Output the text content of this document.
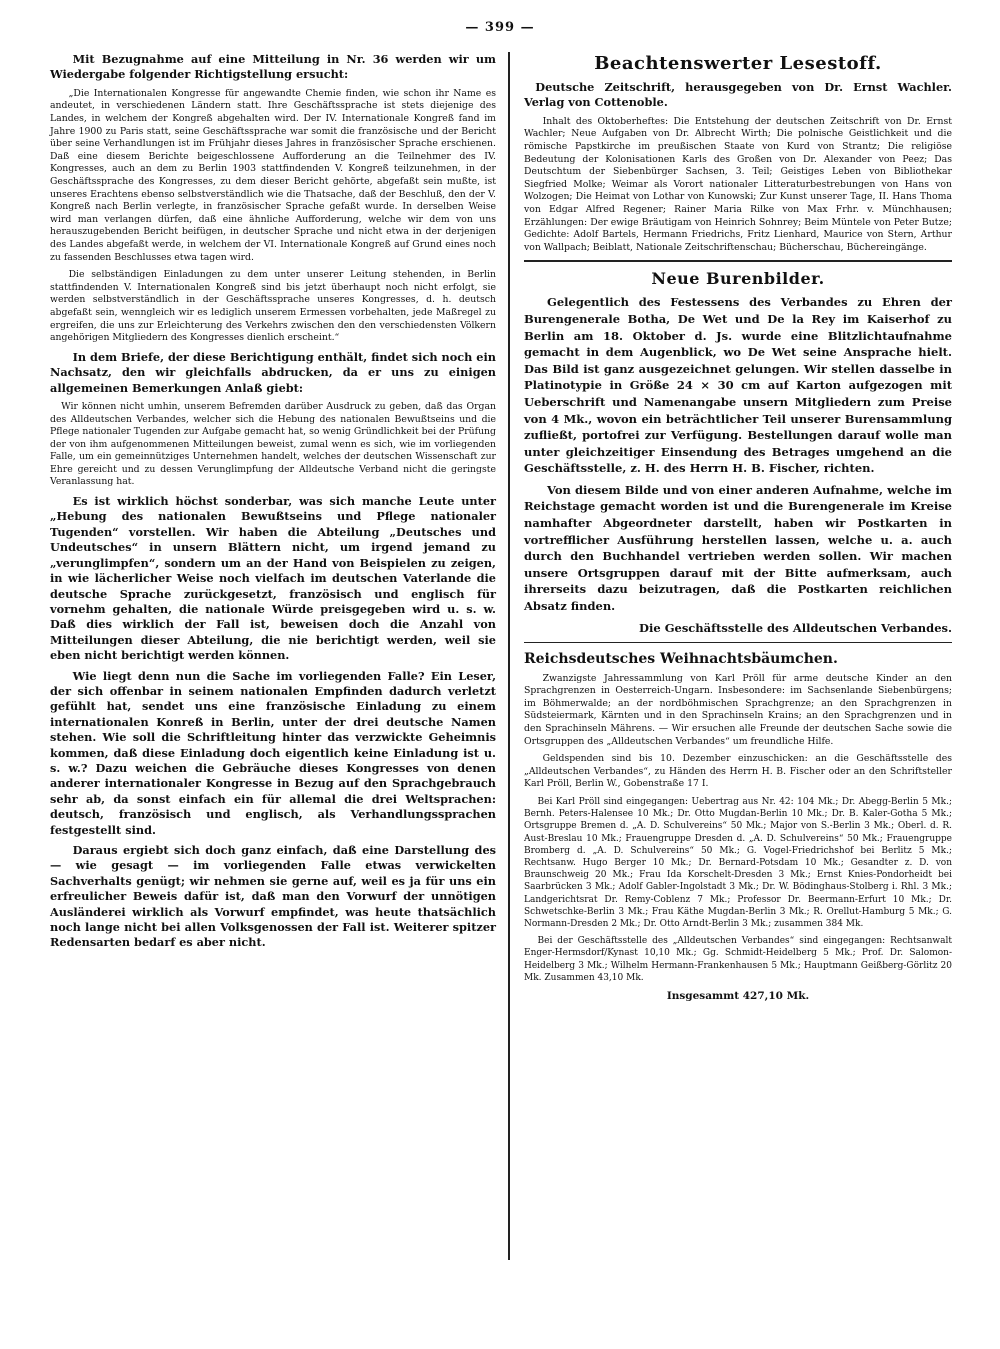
— 399 —

Mit Bezugnahme auf eine Mitteilung in Nr. 36 werden wir um Wiedergabe folgender Richtigstellung ersucht:

„Die Internationalen Kongresse für angewandte Chemie finden, wie schon ihr Name es andeutet, in verschiedenen Ländern statt. Ihre Geschäftssprache ist stets diejenige des Landes, in welchem der Kongreß abgehalten wird. Der IV. Internationale Kongreß fand im Jahre 1900 zu Paris statt, seine Geschäftssprache war somit die französische und der Bericht über seine Verhandlungen ist im Frühjahr dieses Jahres in französischer Sprache erschienen. Daß eine diesem Berichte beigeschlossene Aufforderung an die Teilnehmer des IV. Kongresses, auch an dem zu Berlin 1903 stattfindenden V. Kongreß teilzunehmen, in der Geschäftssprache des Kongresses, zu dem dieser Bericht gehörte, abgefaßt sein mußte, ist unseres Erachtens ebenso selbstverständlich wie die Thatsache, daß der Beschluß, den der V. Kongreß nach Berlin verlegte, in französischer Sprache gefaßt wurde. In derselben Weise wird man verlangen dürfen, daß eine ähnliche Aufforderung, welche wir dem von uns herauszugebenden Bericht beifügen, in deutscher Sprache und nicht etwa in der derjenigen des Landes abgefaßt werde, in welchem der VI. Internationale Kongreß auf Grund eines noch zu fassenden Beschlusses etwa tagen wird.

Die selbständigen Einladungen zu dem unter unserer Leitung stehenden, in Berlin stattfindenden V. Internationalen Kongreß sind bis jetzt überhaupt noch nicht erfolgt, sie werden selbstverständlich in der Geschäftssprache unseres Kongresses, d. h. deutsch abgefaßt sein, wenngleich wir es lediglich unserem Ermessen vorbehalten, jede Maßregel zu ergreifen, die uns zur Erleichterung des Verkehrs zwischen den den verschiedensten Völkern angehörigen Mitgliedern des Kongresses dienlich erscheint.“

In dem Briefe, der diese Berichtigung enthält, findet sich noch ein Nachsatz, den wir gleichfalls abdrucken, da er uns zu einigen allgemeinen Bemerkungen Anlaß giebt:

Wir können nicht umhin, unserem Befremden darüber Ausdruck zu geben, daß das Organ des Alldeutschen Verbandes, welcher sich die Hebung des nationalen Bewußtseins und die Pflege nationaler Tugenden zur Aufgabe gemacht hat, so wenig Gründlichkeit bei der Prüfung der von ihm aufgenommenen Mitteilungen beweist, zumal wenn es sich, wie im vorliegenden Falle, um ein gemeinnütziges Unternehmen handelt, welches der deutschen Wissenschaft zur Ehre gereicht und zu dessen Verunglimpfung der Alldeutsche Verband nicht die geringste Veranlassung hat.

Es ist wirklich höchst sonderbar, was sich manche Leute unter „Hebung des nationalen Bewußtseins und Pflege nationaler Tugenden“ vorstellen. Wir haben die Abteilung „Deutsches und Undeutsches“ in unsern Blättern nicht, um irgend jemand zu „verunglimpfen“, sondern um an der Hand von Beispielen zu zeigen, in wie lächerlicher Weise noch vielfach im deutschen Vaterlande die deutsche Sprache zurückgesetzt, französisch und englisch für vornehm gehalten, die nationale Würde preisgegeben wird u. s. w. Daß dies wirklich der Fall ist, beweisen doch die Anzahl von Mitteilungen dieser Abteilung, die nie berichtigt werden, weil sie eben nicht berichtigt werden können.

Wie liegt denn nun die Sache im vorliegenden Falle? Ein Leser, der sich offenbar in seinem nationalen Empfinden dadurch verletzt gefühlt hat, sendet uns eine französische Einladung zu einem internationalen Konreß in Berlin, unter der drei deutsche Namen stehen. Wie soll die Schriftleitung hinter das verzwickte Geheimnis kommen, daß diese Einladung doch eigentlich keine Einladung ist u. s. w.? Dazu weichen die Gebräuche dieses Kongresses von denen anderer internationaler Kongresse in Bezug auf den Sprachgebrauch sehr ab, da sonst einfach ein für allemal die drei Weltsprachen: deutsch, französisch und englisch, als Verhandlungssprachen festgestellt sind.

Daraus ergiebt sich doch ganz einfach, daß eine Darstellung des — wie gesagt — im vorliegenden Falle etwas verwickelten Sachverhalts genügt; wir nehmen sie gerne auf, weil es ja für uns ein erfreulicher Beweis dafür ist, daß man den Vorwurf der unnötigen Ausländerei wirklich als Vorwurf empfindet, was heute thatsächlich noch lange nicht bei allen Volksgenossen der Fall ist. Weiterer spitzer Redensarten bedarf es aber nicht.

Beachtenswerter Lesestoff.

Deutsche Zeitschrift, herausgegeben von Dr. Ernst Wachler. Verlag von Cottenoble.

Inhalt des Oktoberheftes: Die Entstehung der deutschen Zeitschrift von Dr. Ernst Wachler; Neue Aufgaben von Dr. Albrecht Wirth; Die polnische Geistlichkeit und die römische Papstkirche im preußischen Staate von Kurd von Strantz; Die religiöse Bedeutung der Kolonisationen Karls des Großen von Dr. Alexander von Peez; Das Deutschtum der Siebenbürger Sachsen, 3. Teil; Geistiges Leben von Bibliothekar Siegfried Molke; Weimar als Vorort nationaler Litteraturbestrebungen von Hans von Wolzogen; Die Heimat von Lothar von Kunowski; Zur Kunst unserer Tage, II. Hans Thoma von Edgar Alfred Regener; Rainer Maria Rilke von Max Frhr. v. Münchhausen; Erzählungen: Der ewige Bräutigam von Heinrich Sohnrey; Beim Müntele von Peter Butze; Gedichte: Adolf Bartels, Hermann Friedrichs, Fritz Lienhard, Maurice von Stern, Arthur von Wallpach; Beiblatt, Nationale Zeitschriftenschau; Bücherschau, Büchereingänge.

Neue Burenbilder.

Gelegentlich des Festessens des Verbandes zu Ehren der Burengenerale Botha, De Wet und De la Rey im Kaiserhof zu Berlin am 18. Oktober d. Js. wurde eine Blitzlichtaufnahme gemacht in dem Augenblick, wo De Wet seine Ansprache hielt. Das Bild ist ganz ausgezeichnet gelungen. Wir stellen dasselbe in Platinotypie in Größe 24 × 30 cm auf Karton aufgezogen mit Ueberschrift und Namenangabe unsern Mitgliedern zum Preise von 4 Mk., wovon ein beträchtlicher Teil unserer Burensammlung zufließt, portofrei zur Verfügung. Bestellungen darauf wolle man unter gleichzeitiger Einsendung des Betrages umgehend an die Geschäftsstelle, z. H. des Herrn H. B. Fischer, richten.

Von diesem Bilde und von einer anderen Aufnahme, welche im Reichstage gemacht worden ist und die Burengenerale im Kreise namhafter Abgeordneter darstellt, haben wir Postkarten in vortrefflicher Ausführung herstellen lassen, welche u. a. auch durch den Buchhandel vertrieben werden sollen. Wir machen unsere Ortsgruppen darauf mit der Bitte aufmerksam, auch ihrerseits dazu beizutragen, daß die Postkarten reichlichen Absatz finden.

Die Geschäftsstelle des Alldeutschen Verbandes.

Reichsdeutsches Weihnachtsbäumchen.

Zwanzigste Jahressammlung von Karl Pröll für arme deutsche Kinder an den Sprachgrenzen in Oesterreich-Ungarn. Insbesondere: im Sachsenlande Siebenbürgens; im Böhmerwalde; an der nordböhmischen Sprachgrenze; an den Sprachgrenzen in Südsteiermark, Kärnten und in den Sprachinseln Krains; an den Sprachgrenzen und in den Sprachinseln Mährens. — Wir ersuchen alle Freunde der deutschen Sache sowie die Ortsgruppen des „Alldeutschen Verbandes“ um freundliche Hilfe.

Geldspenden sind bis 10. Dezember einzuschicken: an die Geschäftsstelle des „Alldeutschen Verbandes“, zu Händen des Herrn H. B. Fischer oder an den Schriftsteller Karl Pröll, Berlin W., Gobenstraße 17 I.

Bei Karl Pröll sind eingegangen: Uebertrag aus Nr. 42: 104 Mk.; Dr. Abegg-Berlin 5 Mk.; Bernh. Peters-Halensee 10 Mk.; Dr. Otto Mugdan-Berlin 10 Mk.; Dr. B. Kaler-Gotha 5 Mk.; Ortsgruppe Bremen d. „A. D. Schulvereins“ 50 Mk.; Major von S.-Berlin 3 Mk.; Oberl. d. R. Aust-Breslau 10 Mk.; Frauengruppe Dresden d. „A. D. Schulvereins“ 50 Mk.; Frauengruppe Bromberg d. „A. D. Schulvereins“ 50 Mk.; G. Vogel-Friedrichshof bei Berlitz 5 Mk.; Rechtsanw. Hugo Berger 10 Mk.; Dr. Bernard-Potsdam 10 Mk.; Gesandter z. D. von Braunschweig 20 Mk.; Frau Ida Korschelt-Dresden 3 Mk.; Ernst Knies-Pondorheidt bei Saarbrücken 3 Mk.; Adolf Gabler-Ingolstadt 3 Mk.; Dr. W. Bödinghaus-Stolberg i. Rhl. 3 Mk.; Landgerichtsrat Dr. Remy-Coblenz 7 Mk.; Professor Dr. Beermann-Erfurt 10 Mk.; Dr. Schwetschke-Berlin 3 Mk.; Frau Käthe Mugdan-Berlin 3 Mk.; R. Orellut-Hamburg 5 Mk.; G. Normann-Dresden 2 Mk.; Dr. Otto Arndt-Berlin 3 Mk.; zusammen 384 Mk.

Bei der Geschäftsstelle des „Alldeutschen Verbandes“ sind eingegangen: Rechtsanwalt Enger-Hermsdorf/Kynast 10,10 Mk.; Gg. Schmidt-Heidelberg 5 Mk.; Prof. Dr. Salomon-Heidelberg 3 Mk.; Wilhelm Hermann-Frankenhausen 5 Mk.; Hauptmann Geißberg-Görlitz 20 Mk. Zusammen 43,10 Mk.

Insgesammt 427,10 Mk.
